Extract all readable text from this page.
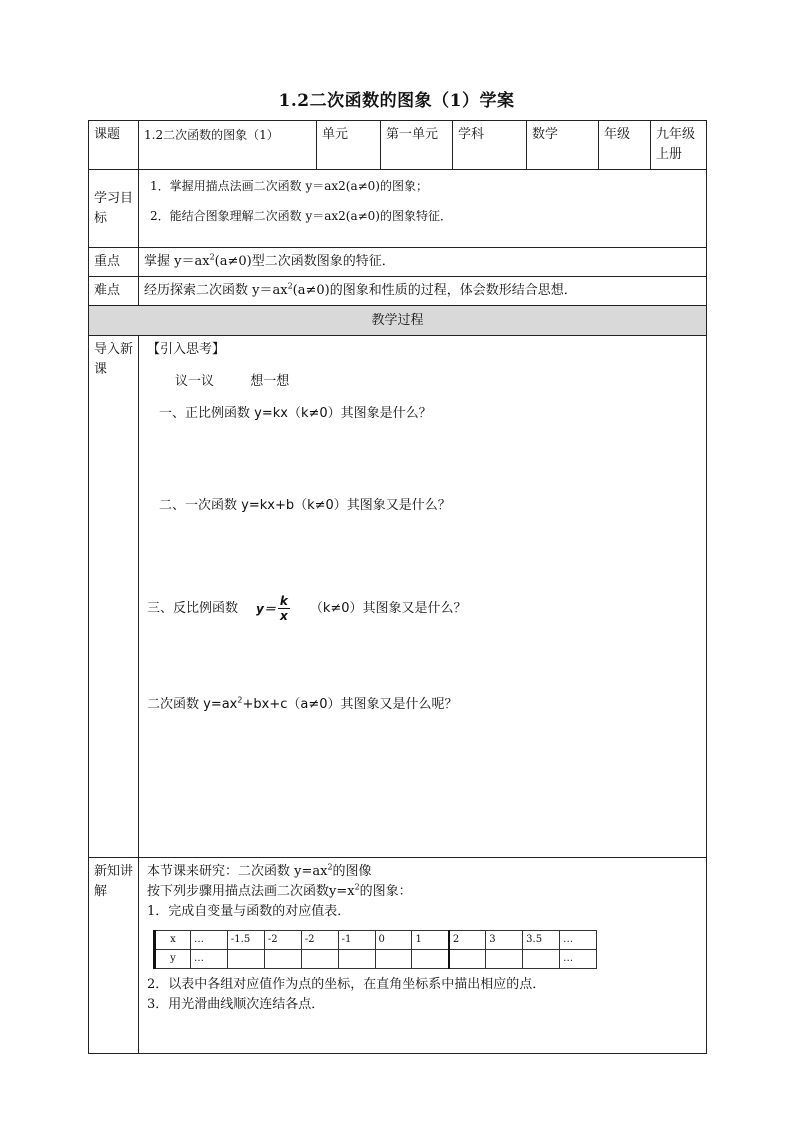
1.2二次函数的图象（1）学案
课题	1.2二次函数的图象（1）	单元	第一单元	学科	数学	年级	九年级上册
学习目标	
1．掌握用描点法画二次函数 y＝ax2(a≠0)的图象；
2．能结合图象理解二次函数 y＝ax2(a≠0)的图象特征．

重点	掌握 $y=ax^2(a\ne 0)$型二次函数图象的特征．
难点	经历探索二次函数 $y=ax^2(a\ne 0)$的图象和性质的过程，体会数形结合思想．
教学过程
导入新课	
【引入思考】
议一议	想一想
一、正比例函数 y=kx（k≠0）其图象是什么？
二、一次函数 y=kx+b（k≠0）其图象又是什么？
三、反比例函数 $y= \frac{k}{x} (k\ne 0)$其图象又是什么？
二次函数 $y=ax^2+bx+c(a\ne 0)$其图象又是什么呢？

新知讲解	
本节课来研究：二次函数 $y=ax^2$的图像
按下列步骤用描点法画二次函数$y=x^2$的图象：
1．完成自变量与函数的对应值表．
x	…	-1.5	-2	-2	-1	0	1	2	3	3.5	…
y	…										…
2．以表中各组对应值作为点的坐标，在直角坐标系中描出相应的点．
3．用光滑曲线顺次连结各点．
